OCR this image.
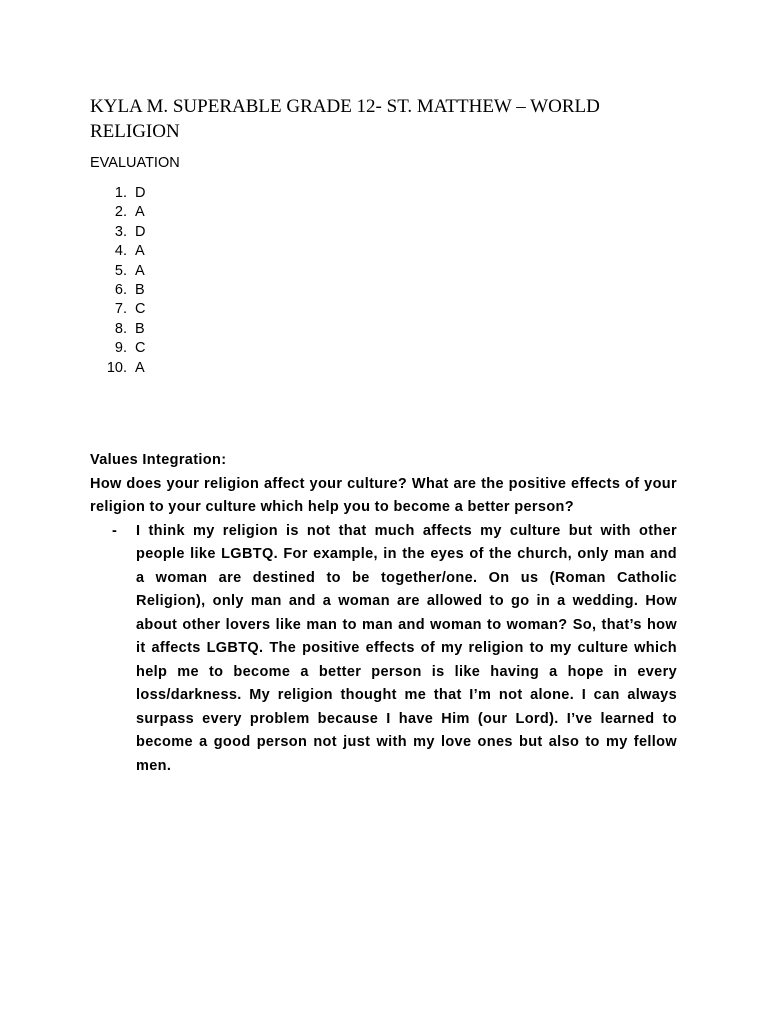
KYLA M. SUPERABLE GRADE 12- ST. MATTHEW – WORLD RELIGION

EVALUATION

1. D
2. A
3. D
4. A
5. A
6. B
7. C
8. B
9. C
10. A

Values Integration:

How does your religion affect your culture? What are the positive effects of your religion to your culture which help you to become a better person?

- I think my religion is not that much affects my culture but with other people like LGBTQ. For example, in the eyes of the church, only man and a woman are destined to be together/one. On us (Roman Catholic Religion), only man and a woman are allowed to go in a wedding. How about other lovers like man to man and woman to woman? So, that’s how it affects LGBTQ. The positive effects of my religion to my culture which help me to become a better person is like having a hope in every loss/darkness. My religion thought me that I’m not alone. I can always surpass every problem because I have Him (our Lord). I’ve learned to become a good person not just with my love ones but also to my fellow men.
